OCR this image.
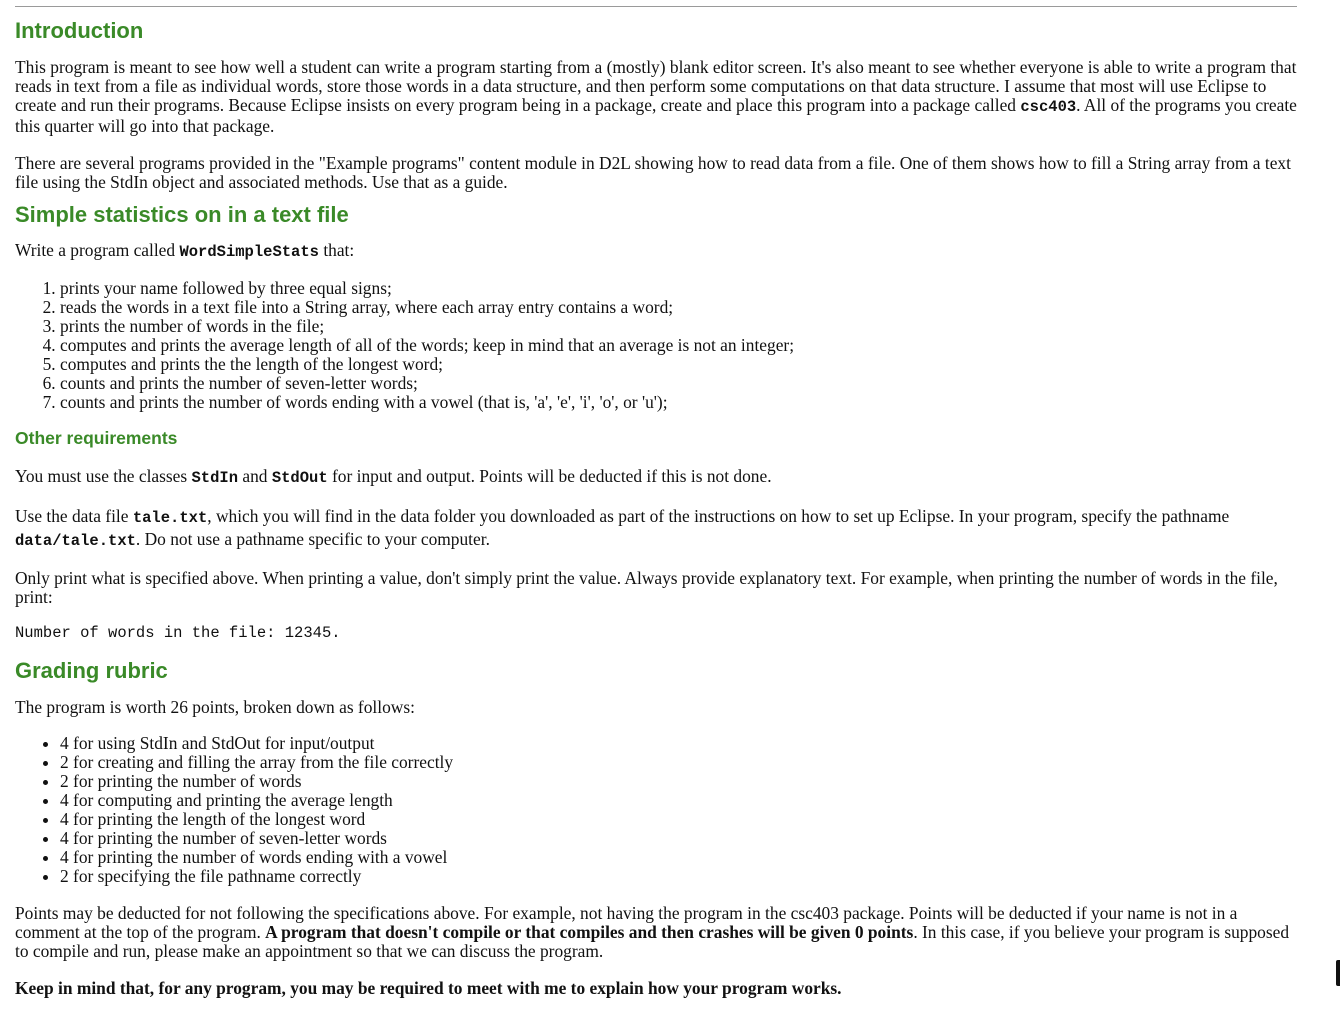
Introduction

This program is meant to see how well a student can write a program starting from a (mostly) blank editor screen. It's also meant to see whether everyone is able to write a program that reads in text from a file as individual words, store those words in a data structure, and then perform some computations on that data structure. I assume that most will use Eclipse to create and run their programs. Because Eclipse insists on every program being in a package, create and place this program into a package called csc403. All of the programs you create this quarter will go into that package.

There are several programs provided in the "Example programs" content module in D2L showing how to read data from a file. One of them shows how to fill a String array from a text file using the StdIn object and associated methods. Use that as a guide.

Simple statistics on in a text file

Write a program called WordSimpleStats that:

1. prints your name followed by three equal signs;
2. reads the words in a text file into a String array, where each array entry contains a word;
3. prints the number of words in the file;
4. computes and prints the average length of all of the words; keep in mind that an average is not an integer;
5. computes and prints the the length of the longest word;
6. counts and prints the number of seven-letter words;
7. counts and prints the number of words ending with a vowel (that is, 'a', 'e', 'i', 'o', or 'u');
Other requirements

You must use the classes StdIn and StdOut for input and output. Points will be deducted if this is not done.

Use the data file tale.txt, which you will find in the data folder you downloaded as part of the instructions on how to set up Eclipse. In your program, specify the pathname data/tale.txt. Do not use a pathname specific to your computer.

Only print what is specified above. When printing a value, don't simply print the value. Always provide explanatory text. For example, when printing the number of words in the file, print:

Number of words in the file: 12345.

Grading rubric

The program is worth 26 points, broken down as follows:

• 4 for using StdIn and StdOut for input/output
• 2 for creating and filling the array from the file correctly
• 2 for printing the number of words
• 4 for computing and printing the average length
• 4 for printing the length of the longest word
• 4 for printing the number of seven-letter words
• 4 for printing the number of words ending with a vowel
• 2 for specifying the file pathname correctly

Points may be deducted for not following the specifications above. For example, not having the program in the csc403 package. Points will be deducted if your name is not in a comment at the top of the program. A program that doesn't compile or that compiles and then crashes will be given 0 points. In this case, if you believe your program is supposed to compile and run, please make an appointment so that we can discuss the program.

Keep in mind that, for any program, you may be required to meet with me to explain how your program works.
